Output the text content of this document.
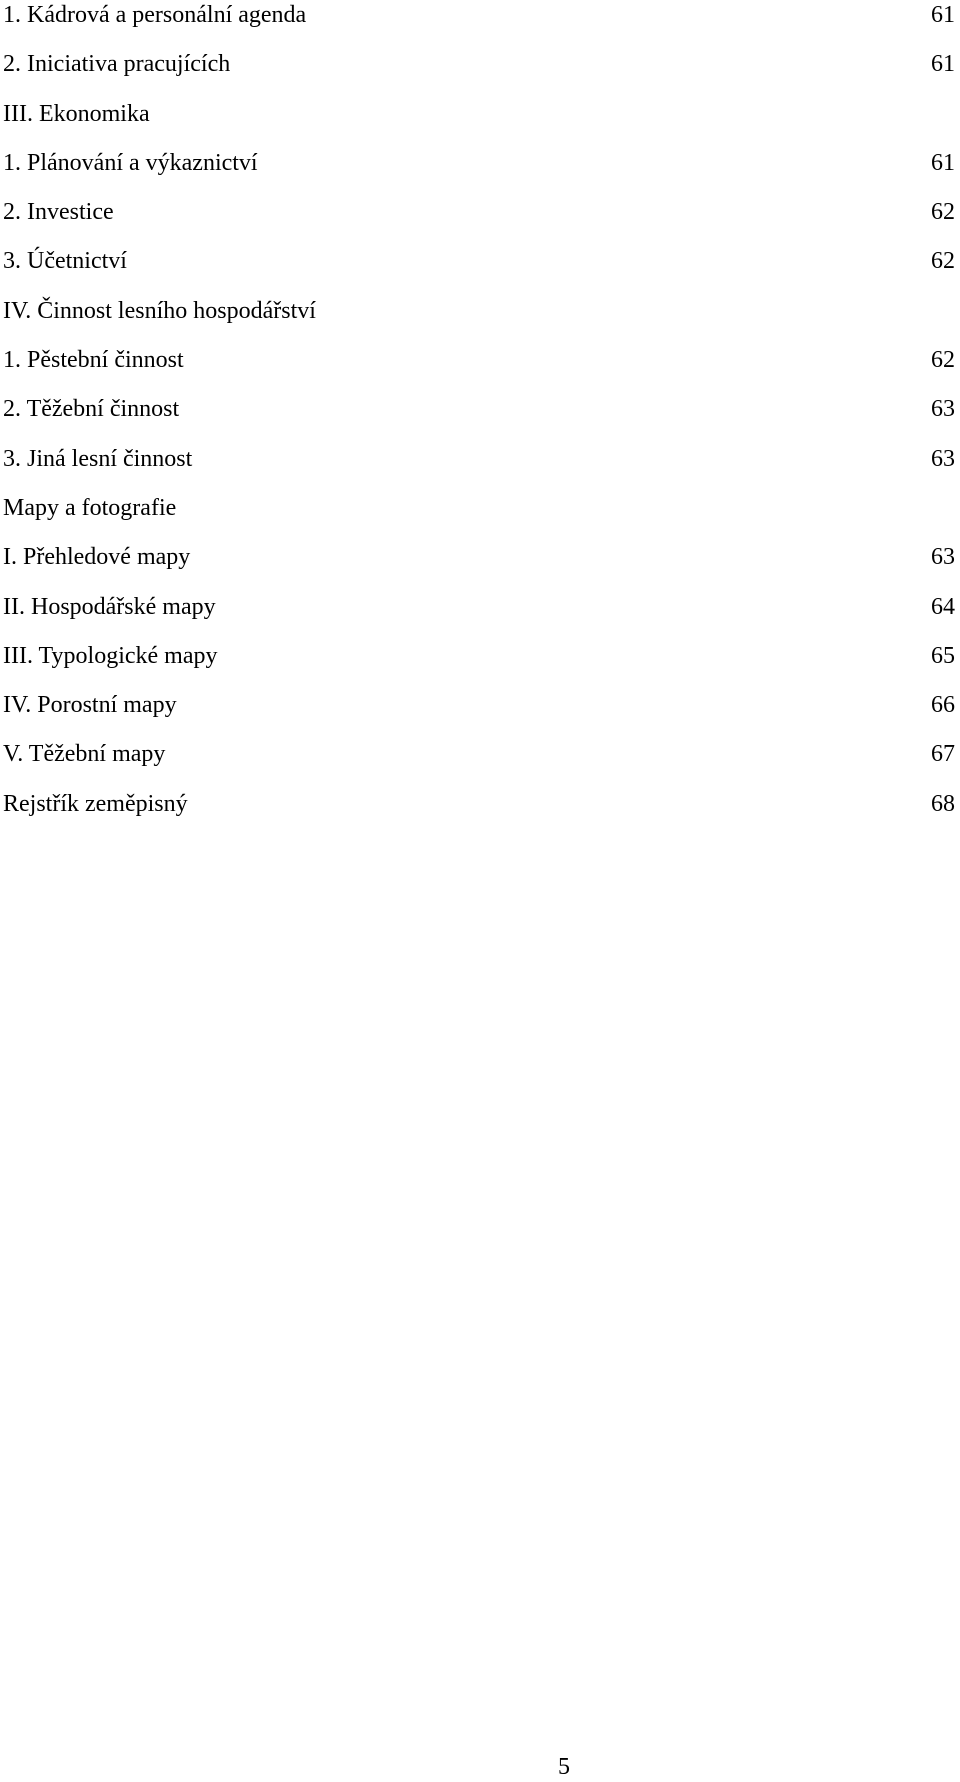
1. Kádrová a personální agenda	61
2. Iniciativa pracujících	61
III. Ekonomika
1. Plánování a výkaznictví	61
2. Investice	62
3. Účetnictví	62
IV. Činnost lesního hospodářství
1. Pěstební činnost	62
2. Těžební činnost	63
3. Jiná lesní činnost	63
Mapy a fotografie
I. Přehledové mapy	63
II. Hospodářské mapy	64
III. Typologické mapy	65
IV. Porostní mapy	66
V. Těžební mapy	67
Rejstřík zeměpisný	68
5
